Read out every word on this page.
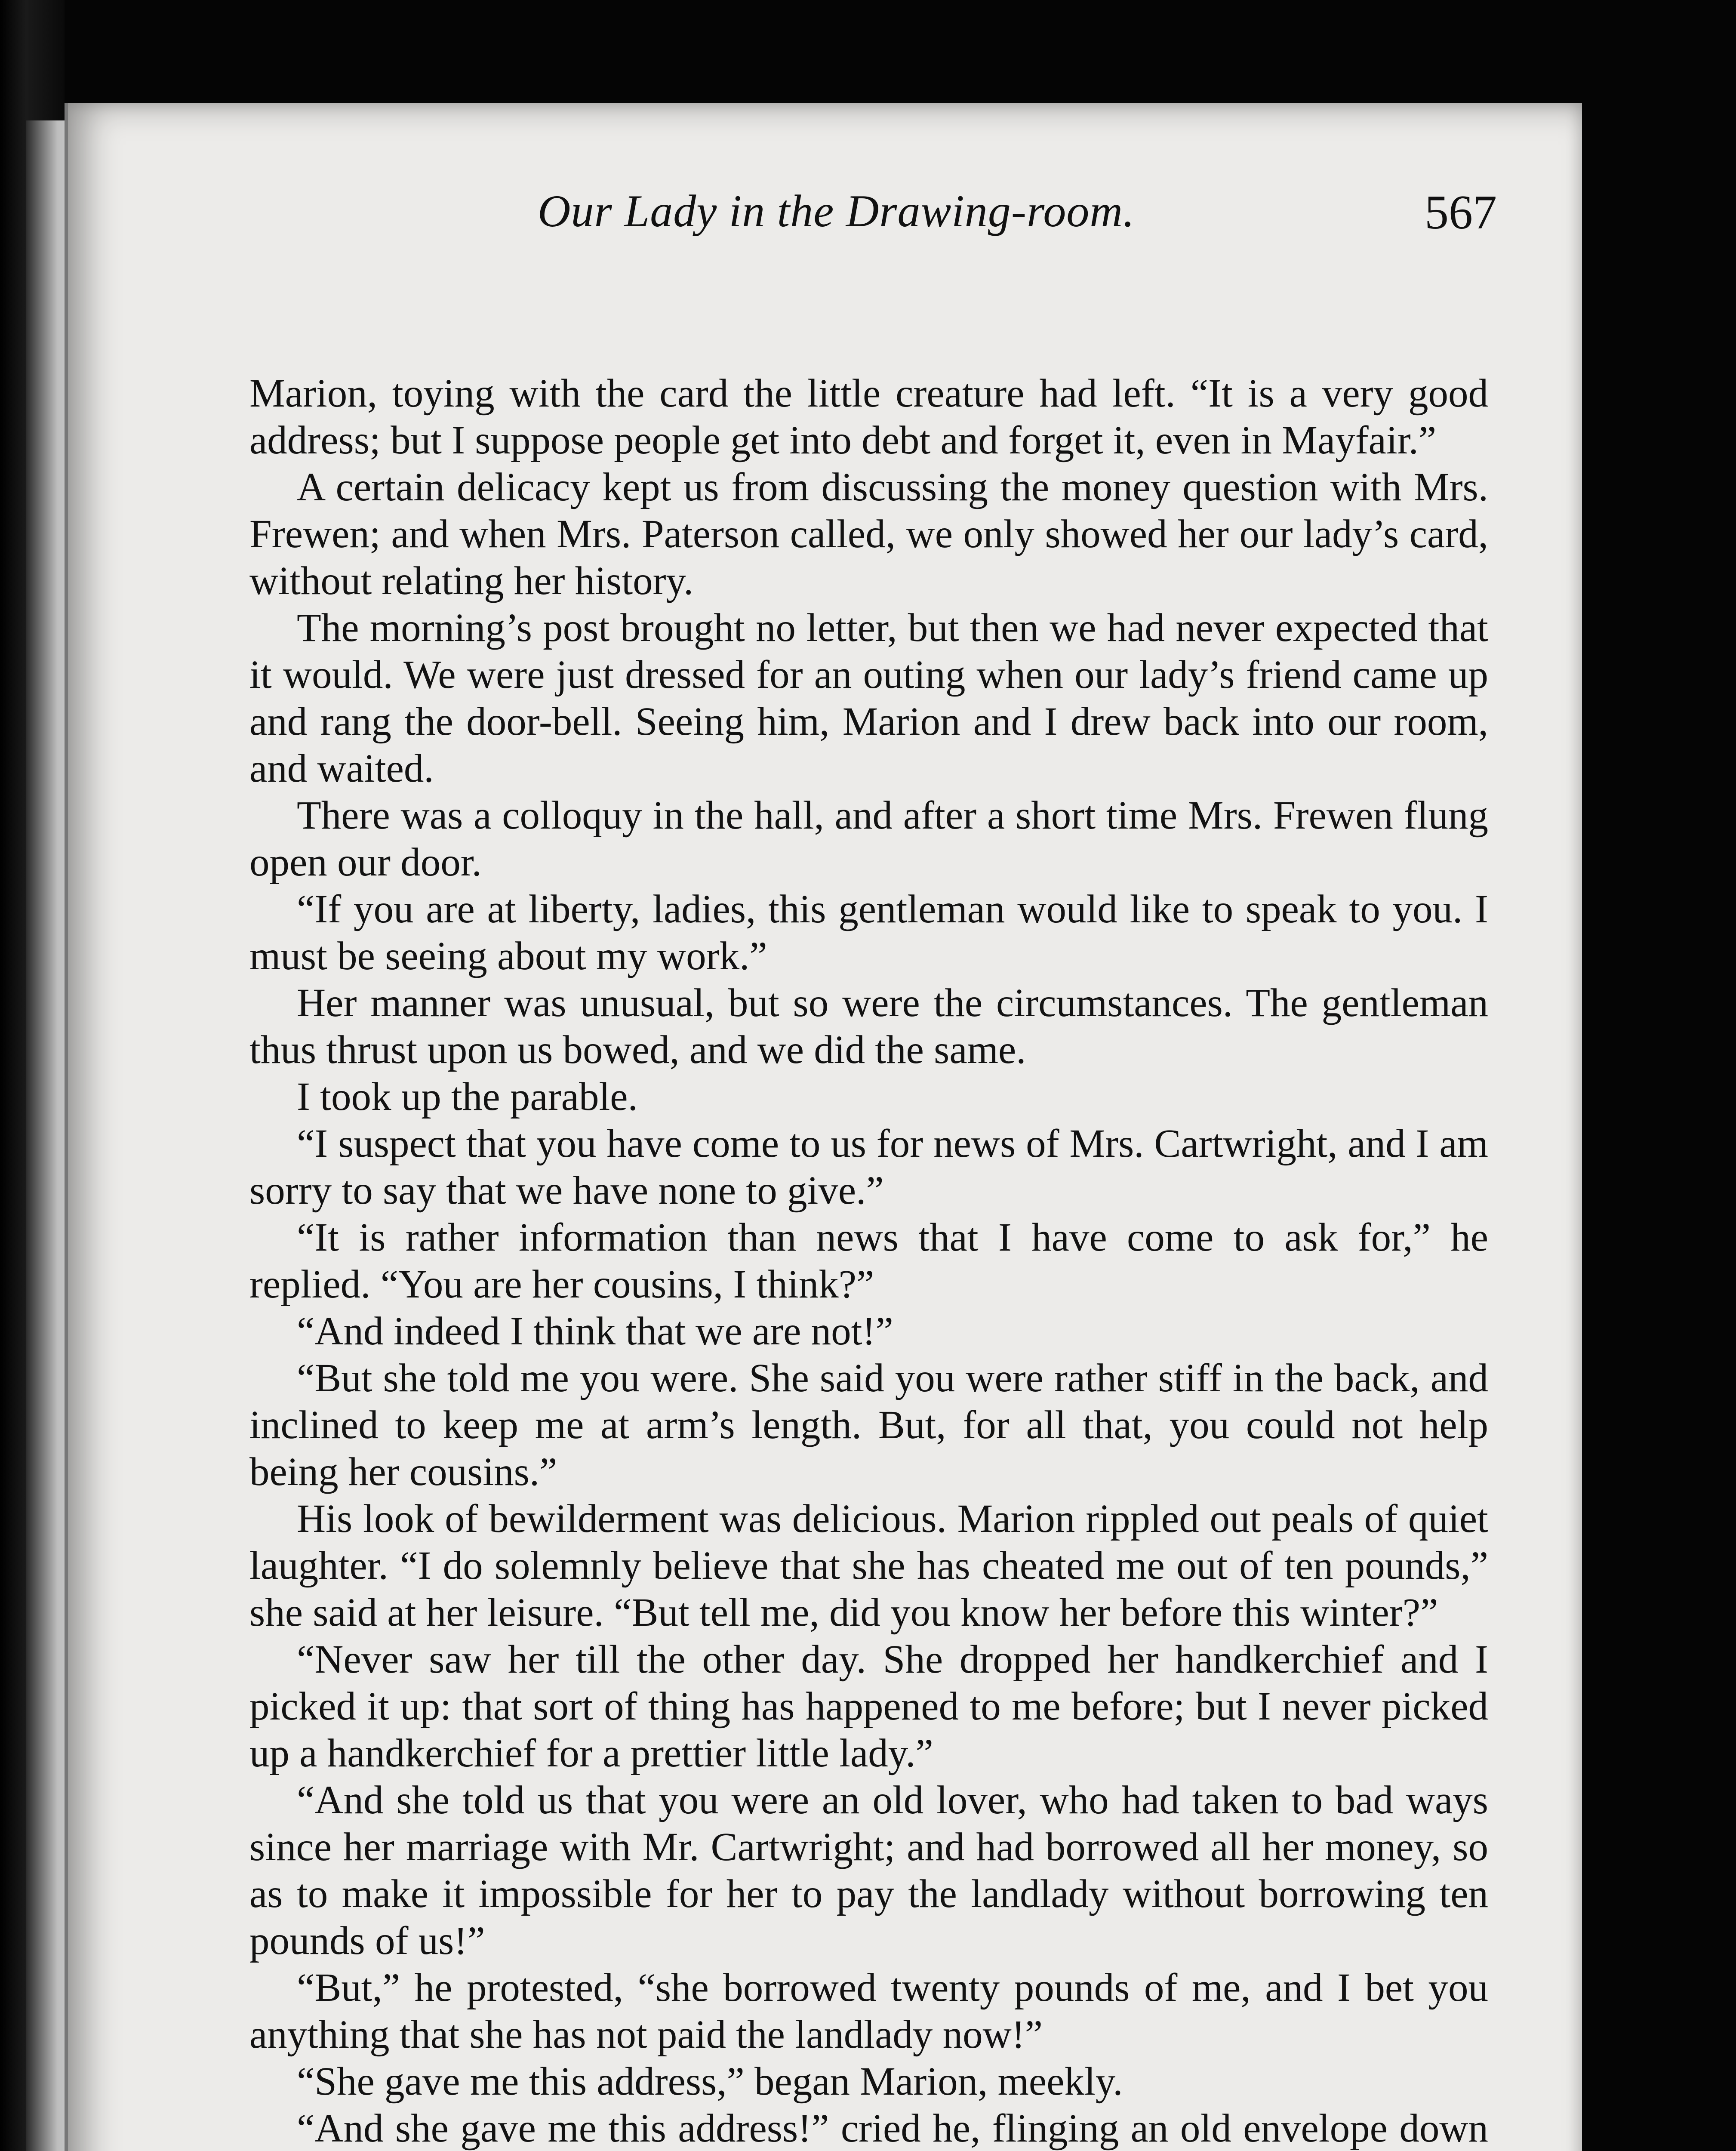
Our Lady in the Drawing-room.	567

Marion, toying with the card the little creature had left. “It is a very good address; but I suppose people get into debt and forget it, even in Mayfair.”

A certain delicacy kept us from discussing the money question with Mrs. Frewen; and when Mrs. Paterson called, we only showed her our lady’s card, without relating her history.

The morning’s post brought no letter, but then we had never expected that it would. We were just dressed for an outing when our lady’s friend came up and rang the door-bell. Seeing him, Marion and I drew back into our room, and waited.

There was a colloquy in the hall, and after a short time Mrs. Frewen flung open our door.

“If you are at liberty, ladies, this gentleman would like to speak to you. I must be seeing about my work.”

Her manner was unusual, but so were the circumstances. The gentleman thus thrust upon us bowed, and we did the same.

I took up the parable.

“I suspect that you have come to us for news of Mrs. Cartwright, and I am sorry to say that we have none to give.”

“It is rather information than news that I have come to ask for,” he replied. “You are her cousins, I think?”

“And indeed I think that we are not!”

“But she told me you were. She said you were rather stiff in the back, and inclined to keep me at arm’s length. But, for all that, you could not help being her cousins.”

His look of bewilderment was delicious. Marion rippled out peals of quiet laughter. “I do solemnly believe that she has cheated me out of ten pounds,” she said at her leisure. “But tell me, did you know her before this winter?”

“Never saw her till the other day. She dropped her handkerchief and I picked it up: that sort of thing has happened to me before; but I never picked up a handkerchief for a prettier little lady.”

“And she told us that you were an old lover, who had taken to bad ways since her marriage with Mr. Cartwright; and had borrowed all her money, so as to make it impossible for her to pay the landlady without borrowing ten pounds of us!”

“But,” he protested, “she borrowed twenty pounds of me, and I bet you anything that she has not paid the landlady now!”

“She gave me this address,” began Marion, meekly.

“And she gave me this address!” cried he, flinging an old envelope down
